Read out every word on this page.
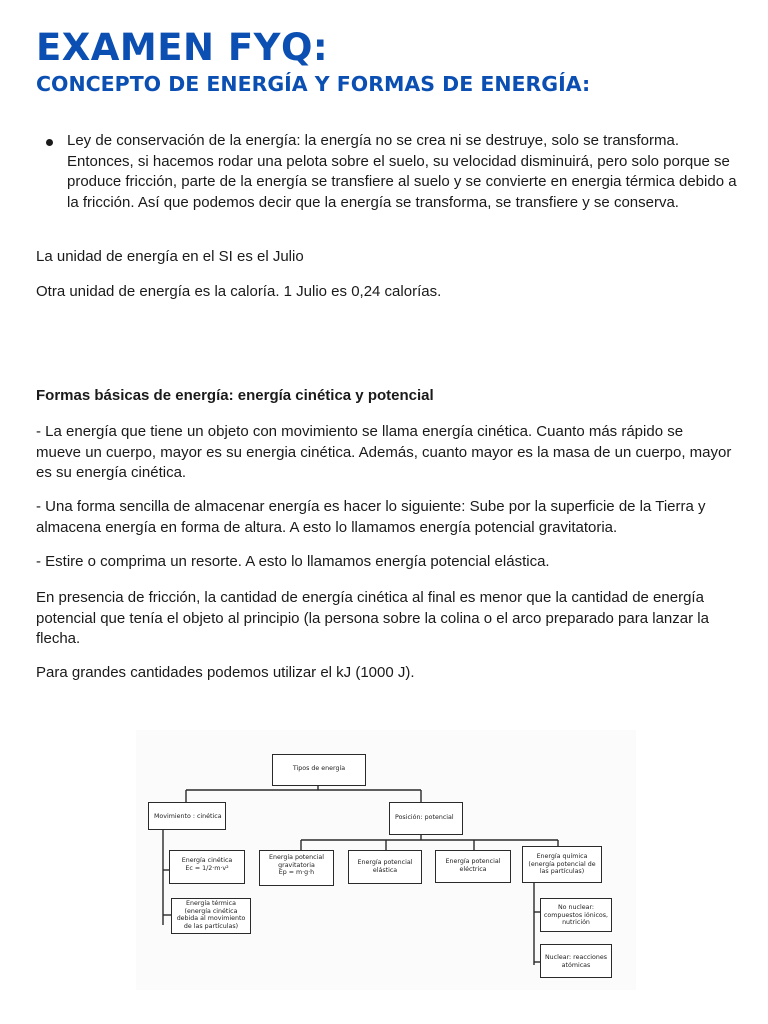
EXAMEN FYQ:
CONCEPTO DE ENERGÍA Y FORMAS DE ENERGÍA:

Ley de conservación de la energía: la energía no se crea ni se destruye, solo se transforma. Entonces, si hacemos rodar una pelota sobre el suelo, su velocidad disminuirá, pero solo porque se produce fricción, parte de la energía se transfiere al suelo y se convierte en energia térmica debido a la fricción. Así que podemos decir que la energía se transforma, se transfiere y se conserva.

La unidad de energía en el SI es el Julio

Otra unidad de energía es la caloría. 1 Julio es 0,24 calorías.

Formas básicas de energía: energía cinética y potencial

- La energía que tiene un objeto con movimiento se llama energía cinética. Cuanto más rápido se mueve un cuerpo, mayor es su energia cinética. Además, cuanto mayor es la masa de un cuerpo, mayor es su energía cinética.

- Una forma sencilla de almacenar energía es hacer lo siguiente: Sube por la superficie de la Tierra y almacena energía en forma de altura. A esto lo llamamos energía potencial gravitatoria.

- Estire o comprima un resorte. A esto lo llamamos energía potencial elástica.

En presencia de fricción, la cantidad de energía cinética al final es menor que la cantidad de energía potencial que tenía el objeto al principio (la persona sobre la colina o el arco preparado para lanzar la flecha.

Para grandes cantidades podemos utilizar el kJ (1000 J).

Tipos de energía
Movimiento : cinética	Posición: potencial
Energía cinética
Ec = 1/2·m·v²
Energía térmica
(energía cinética
debida al movimiento
de las partículas)
Energía potencial
gravitatoria
Ep = m·g·h
Energía potencial
elástica
Energía potencial
eléctrica
Energía química
(energía potencial de
las partículas)
No nuclear:
compuestos iónicos,
nutrición
Nuclear: reacciones
atómicas
